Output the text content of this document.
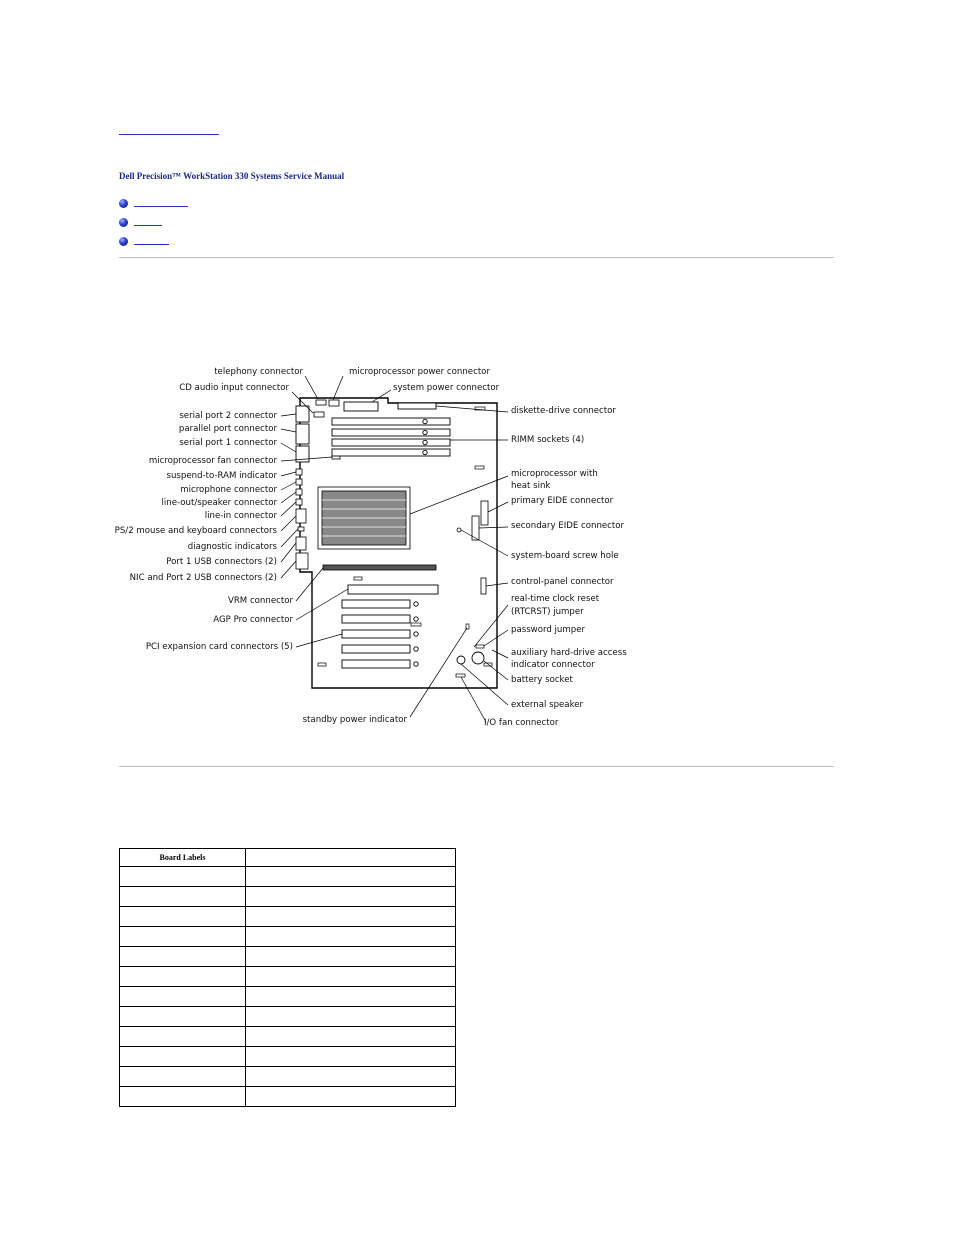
Dell Precision™ WorkStation 330 Systems Service Manual
telephony connector
CD audio input connector
serial port 2 connector
parallel port connector
serial port 1 connector
microprocessor fan connector
suspend-to-RAM indicator
microphone connector
line-out/speaker connector
line-in connector
PS/2 mouse and keyboard connectors
diagnostic indicators
Port 1 USB connectors (2)
NIC and Port 2 USB connectors (2)
VRM connector
AGP Pro connector
PCI expansion card connectors (5)
standby power indicator
microprocessor power connector
system power connector
diskette-drive connector
RIMM sockets (4)
microprocessor with
heat sink
primary EIDE connector
secondary EIDE connector
system-board screw hole
control-panel connector
real-time clock reset
(RTCRST) jumper
password jumper
auxiliary hard-drive access
indicator connector
battery socket
external speaker
I/O fan connector
Board Labels	
